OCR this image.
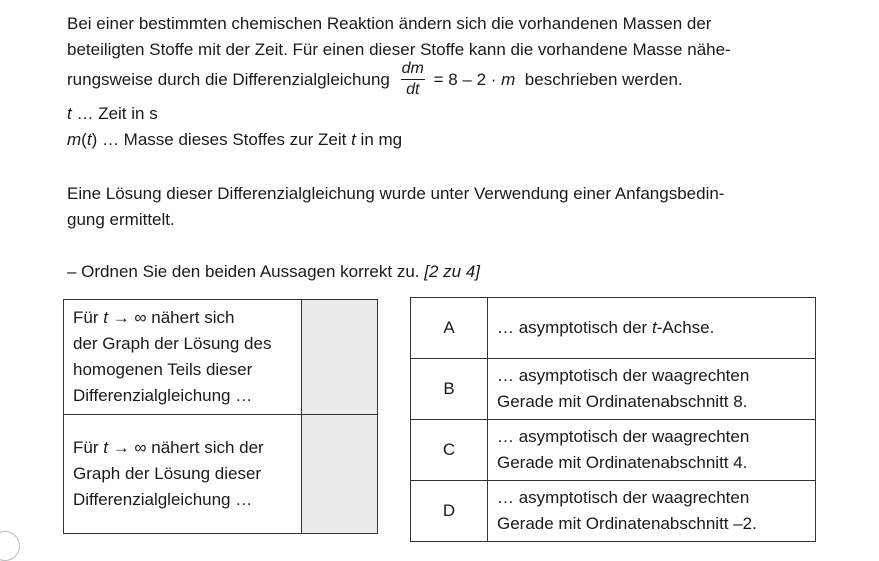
Bei einer bestimmten chemischen Reaktion ändern sich die vorhandenen Massen der
beteiligten Stoffe mit der Zeit. Für einen dieser Stoffe kann die vorhandene Masse nähe-
rungsweise durch die Differenzialgleichung $\frac{dm}{dt} = 8 - 2 \cdot m$ beschrieben werden.
t … Zeit in s
m(t) … Masse dieses Stoffes zur Zeit t in mg
Eine Lösung dieser Differenzialgleichung wurde unter Verwendung einer Anfangsbedin-
gung ermittelt.
– Ordnen Sie den beiden Aussagen korrekt zu. [2 zu 4]
Für t → ∞ nähert sich
der Graph der Lösung des
homogenen Teils dieser
Differenzialgleichung …	

Für t → ∞ nähert sich der
Graph der Lösung dieser
Differenzialgleichung …	

A	… asymptotisch der t-Achse.
B	… asymptotisch der waagrechten
Gerade mit Ordinatenabschnitt 8.

C	… asymptotisch der waagrechten
Gerade mit Ordinatenabschnitt 4.

D	… asymptotisch der waagrechten
Gerade mit Ordinatenabschnitt –2.
